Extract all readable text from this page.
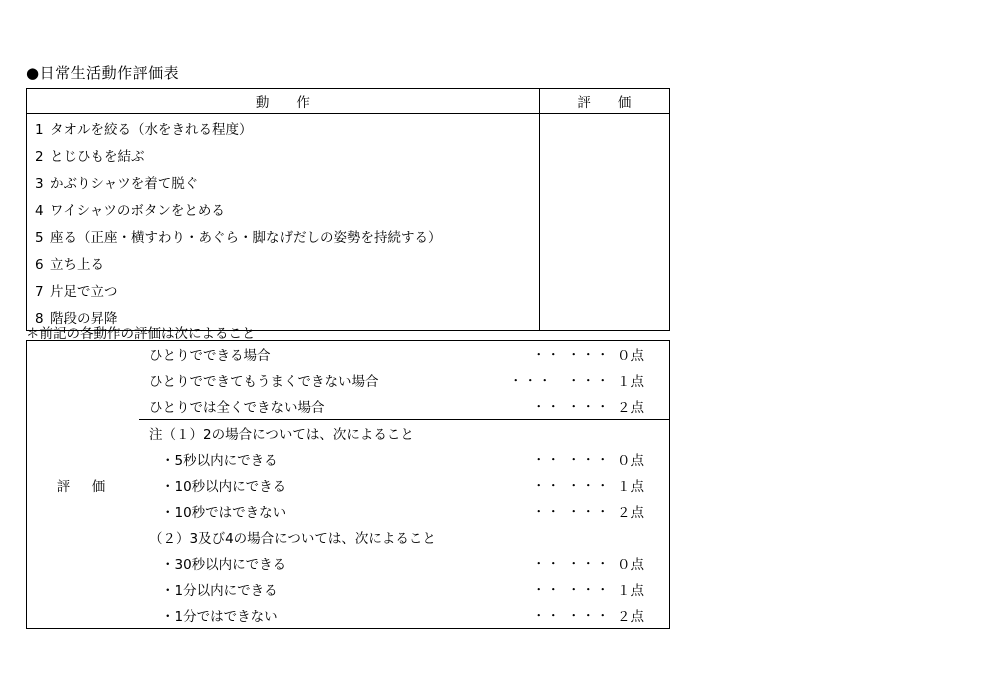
●日常生活動作評価表
動　　作	評　　価
1 タオルを絞る（水をきれる程度）	
2 とじひもを結ぶ	
3 かぶりシャツを着て脱ぐ	
4 ワイシャツのボタンをとめる	
5 座る（正座・横すわり・あぐら・脚なげだしの姿勢を持続する）	
6 立ち上る	
7 片足で立つ	
8 階段の昇降	
＊前記の各動作の評価は次によること
評　価	
ひとりでできる場合	・・ ・・・ ０点
ひとりでできてもうまくできない場合	・・・　・・・ １点
ひとりでは全くできない場合	・・ ・・・ ２点
注（１）2の場合については、次によること
・5秒以内にできる	・・ ・・・ ０点
・10秒以内にできる	・・ ・・・ １点
・10秒ではできない	・・ ・・・ ２点
（２）3及び4の場合については、次によること
・30秒以内にできる	・・ ・・・ ０点
・1分以内にできる	・・ ・・・ １点
・1分ではできない	・・ ・・・ ２点
